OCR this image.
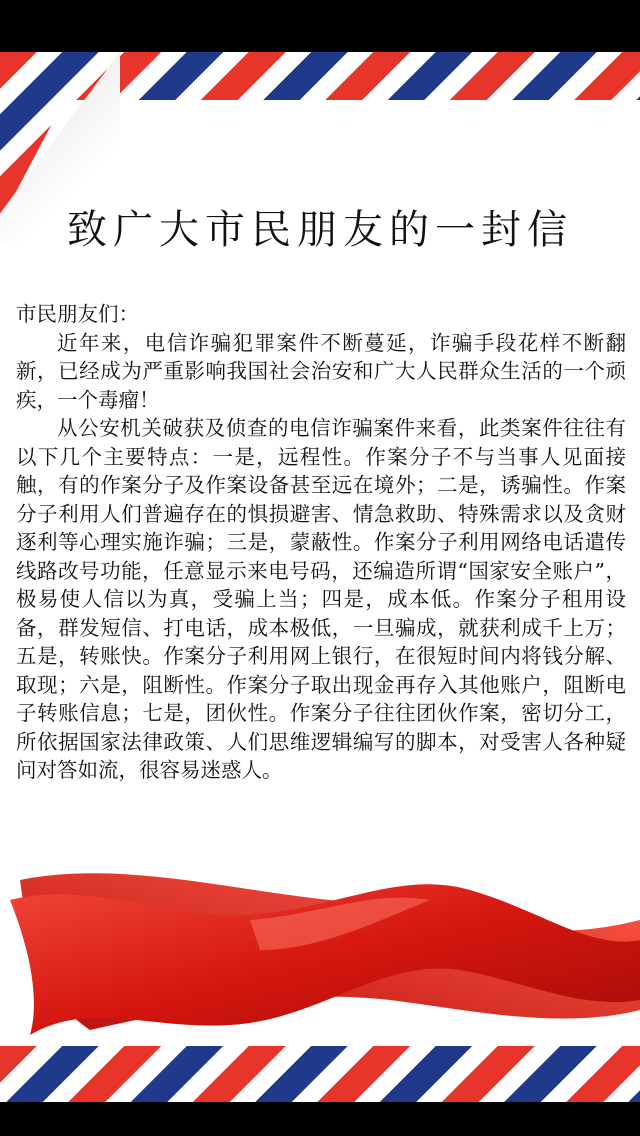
致广大市民朋友的一封信

市民朋友们：

近年来，电信诈骗犯罪案件不断蔓延，诈骗手段花样不断翻新，已经成为严重影响我国社会治安和广大人民群众生活的一个顽疾，一个毒瘤！

从公安机关破获及侦查的电信诈骗案件来看，此类案件往往有以下几个主要特点：一是，远程性。作案分子不与当事人见面接触，有的作案分子及作案设备甚至远在境外；二是，诱骗性。作案分子利用人们普遍存在的惧损避害、情急救助、特殊需求以及贪财逐利等心理实施诈骗；三是，蒙蔽性。作案分子利用网络电话遣传线路改号功能，任意显示来电号码，还编造所谓“国家安全账户”，极易使人信以为真，受骗上当；四是，成本低。作案分子租用设备，群发短信、打电话，成本极低，一旦骗成，就获利成千上万；五是，转账快。作案分子利用网上银行，在很短时间内将钱分解、取现；六是，阻断性。作案分子取出现金再存入其他账户，阻断电子转账信息；七是，团伙性。作案分子往往团伙作案，密切分工，所依据国家法律政策、人们思维逻辑编写的脚本，对受害人各种疑问对答如流，很容易迷惑人。
